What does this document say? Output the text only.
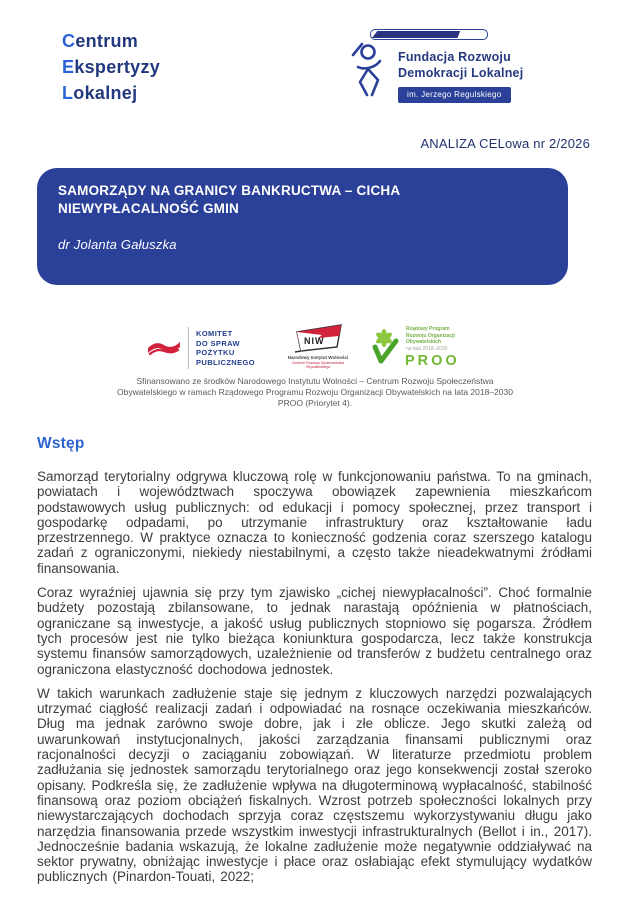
Centrum
Ekspertyzy
Lokalnej
Fundacja Rozwoju
Demokracji Lokalnej
im. Jerzego Regulskiego
ANALIZA CELowa nr 2/2026
SAMORZĄDY NA GRANICY BANKRUCTWA – CICHA NIEWYPŁACALNOŚĆ GMIN
dr Jolanta Gałuszka
KOMITET
DO SPRAW
POŻYTKU
PUBLICZNEGO
NIW
Narodowy Instytut Wolności
Centrum Rozwoju Społeczeństwa Obywatelskiego
Rządowy Program
Rozwoju Organizacji
Obywatelskich
na lata 2018–2030
PROO
Sfinansowano ze środków Narodowego Instytutu Wolności – Centrum Rozwoju Społeczeństwa Obywatelskiego w ramach Rządowego Programu Rozwoju Organizacji Obywatelskich na lata 2018–2030 PROO (Priorytet 4).
Wstęp

Samorząd terytorialny odgrywa kluczową rolę w funkcjonowaniu państwa. To na gminach, powiatach i województwach spoczywa obowiązek zapewnienia mieszkańcom podstawowych usług publicznych: od edukacji i pomocy społecznej, przez transport i gospodarkę odpadami, po utrzymanie infrastruktury oraz kształtowanie ładu przestrzennego. W praktyce oznacza to konieczność godzenia coraz szerszego katalogu zadań z ograniczonymi, niekiedy niestabilnymi, a często także nieadekwatnymi źródłami finansowania.

Coraz wyraźniej ujawnia się przy tym zjawisko „cichej niewypłacalności”. Choć formalnie budżety pozostają zbilansowane, to jednak narastają opóźnienia w płatnościach, ograniczane są inwestycje, a jakość usług publicznych stopniowo się pogarsza. Źródłem tych procesów jest nie tylko bieżąca koniunktura gospodarcza, lecz także konstrukcja systemu finansów samorządowych, uzależnienie od transferów z budżetu centralnego oraz ograniczona elastyczność dochodowa jednostek.

W takich warunkach zadłużenie staje się jednym z kluczowych narzędzi pozwalających utrzymać ciągłość realizacji zadań i odpowiadać na rosnące oczekiwania mieszkańców. Dług ma jednak zarówno swoje dobre, jak i złe oblicze. Jego skutki zależą od uwarunkowań instytucjonalnych, jakości zarządzania finansami publicznymi oraz racjonalności decyzji o zaciąganiu zobowiązań. W literaturze przedmiotu problem zadłużania się jednostek samorządu terytorialnego oraz jego konsekwencji został szeroko opisany. Podkreśla się, że zadłużenie wpływa na długoterminową wypłacalność, stabilność finansową oraz poziom obciążeń fiskalnych. Wzrost potrzeb społeczności lokalnych przy niewystarczających dochodach sprzyja coraz częstszemu wykorzystywaniu długu jako narzędzia finansowania przede wszystkim inwestycji infrastrukturalnych (Bellot i in., 2017). Jednocześnie badania wskazują, że lokalne zadłużenie może negatywnie oddziaływać na sektor prywatny, obniżając inwestycje i płace oraz osłabiając efekt stymulujący wydatków publicznych (Pinardon-Touati, 2022;
